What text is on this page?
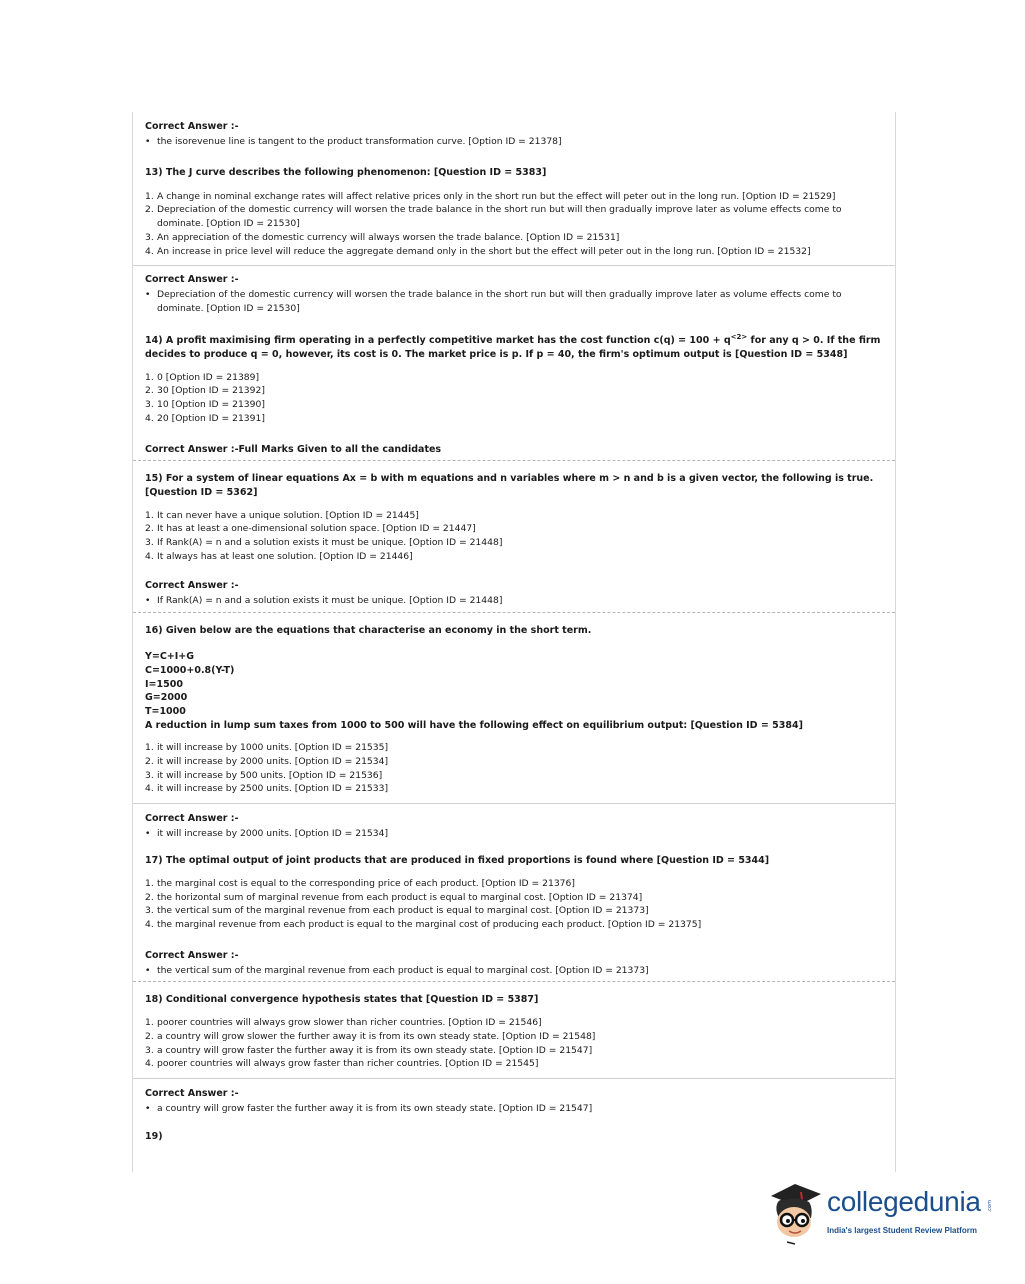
Correct Answer :-
• the isorevenue line is tangent to the product transformation curve. [Option ID = 21378]
13) The J curve describes the following phenomenon: [Question ID = 5383]
1. A change in nominal exchange rates will affect relative prices only in the short run but the effect will peter out in the long run. [Option ID = 21529]
2. Depreciation of the domestic currency will worsen the trade balance in the short run but will then gradually improve later as volume effects come to dominate. [Option ID = 21530]
3. An appreciation of the domestic currency will always worsen the trade balance. [Option ID = 21531]
4. An increase in price level will reduce the aggregate demand only in the short but the effect will peter out in the long run. [Option ID = 21532]
Correct Answer :-
• Depreciation of the domestic currency will worsen the trade balance in the short run but will then gradually improve later as volume effects come to dominate. [Option ID = 21530]
14) A profit maximising firm operating in a perfectly competitive market has the cost function $c(q) = 100 + q^{<2>}$ for any q > 0. If the firm decides to produce q = 0, however, its cost is 0. The market price is p. If p = 40, the firm's optimum output is [Question ID = 5348]
1. 0 [Option ID = 21389]
2. 30 [Option ID = 21392]
3. 10 [Option ID = 21390]
4. 20 [Option ID = 21391]
Correct Answer :-Full Marks Given to all the candidates
15) For a system of linear equations Ax = b with m equations and n variables where m > n and b is a given vector, the following is true. [Question ID = 5362]
1. It can never have a unique solution. [Option ID = 21445]
2. It has at least a one-dimensional solution space. [Option ID = 21447]
3. If Rank(A) = n and a solution exists it must be unique. [Option ID = 21448]
4. It always has at least one solution. [Option ID = 21446]
Correct Answer :-
• If Rank(A) = n and a solution exists it must be unique. [Option ID = 21448]
16) Given below are the equations that characterise an economy in the short term.
Y=C+I+G
C=1000+0.8(Y-T)
I=1500
G=2000
T=1000
A reduction in lump sum taxes from 1000 to 500 will have the following effect on equilibrium output: [Question ID = 5384]
1. it will increase by 1000 units. [Option ID = 21535]
2. it will increase by 2000 units. [Option ID = 21534]
3. it will increase by 500 units. [Option ID = 21536]
4. it will increase by 2500 units. [Option ID = 21533]
Correct Answer :-
• it will increase by 2000 units. [Option ID = 21534]
17) The optimal output of joint products that are produced in fixed proportions is found where [Question ID = 5344]
1. the marginal cost is equal to the corresponding price of each product. [Option ID = 21376]
2. the horizontal sum of marginal revenue from each product is equal to marginal cost. [Option ID = 21374]
3. the vertical sum of the marginal revenue from each product is equal to marginal cost. [Option ID = 21373]
4. the marginal revenue from each product is equal to the marginal cost of producing each product. [Option ID = 21375]
Correct Answer :-
• the vertical sum of the marginal revenue from each product is equal to marginal cost. [Option ID = 21373]
18) Conditional convergence hypothesis states that [Question ID = 5387]
1. poorer countries will always grow slower than richer countries. [Option ID = 21546]
2. a country will grow slower the further away it is from its own steady state. [Option ID = 21548]
3. a country will grow faster the further away it is from its own steady state. [Option ID = 21547]
4. poorer countries will always grow faster than richer countries. [Option ID = 21545]
Correct Answer :-
• a country will grow faster the further away it is from its own steady state. [Option ID = 21547]
19)
collegedunia .com
India's largest Student Review Platform
